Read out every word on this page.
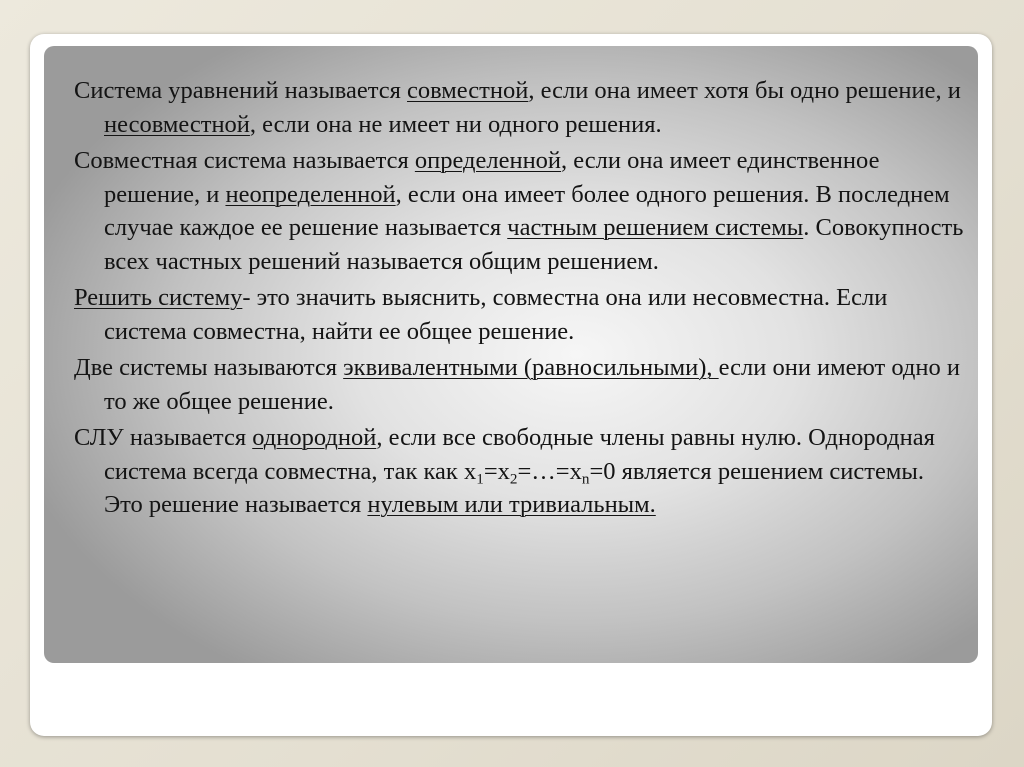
Система уравнений называется совместной, если она имеет хотя бы одно решение, и несовместной, если она не имеет ни одного решения.

Совместная система называется определенной, если она имеет единственное решение, и неопределенной, если она имеет более одного решения. В последнем случае каждое ее решение называется частным решением системы. Совокупность всех частных решений называется общим решением.

Решить систему- это значить выяснить, совместна она или несовместна. Если система совместна, найти ее общее решение.

Две системы называются эквивалентными (равносильными), если они имеют одно и то же общее решение.

СЛУ называется однородной, если все свободные члены равны нулю. Однородная система всегда совместна, так как $x_1=x_2=\dots=x_n=0$ является решением системы. Это решение называется нулевым или тривиальным.
